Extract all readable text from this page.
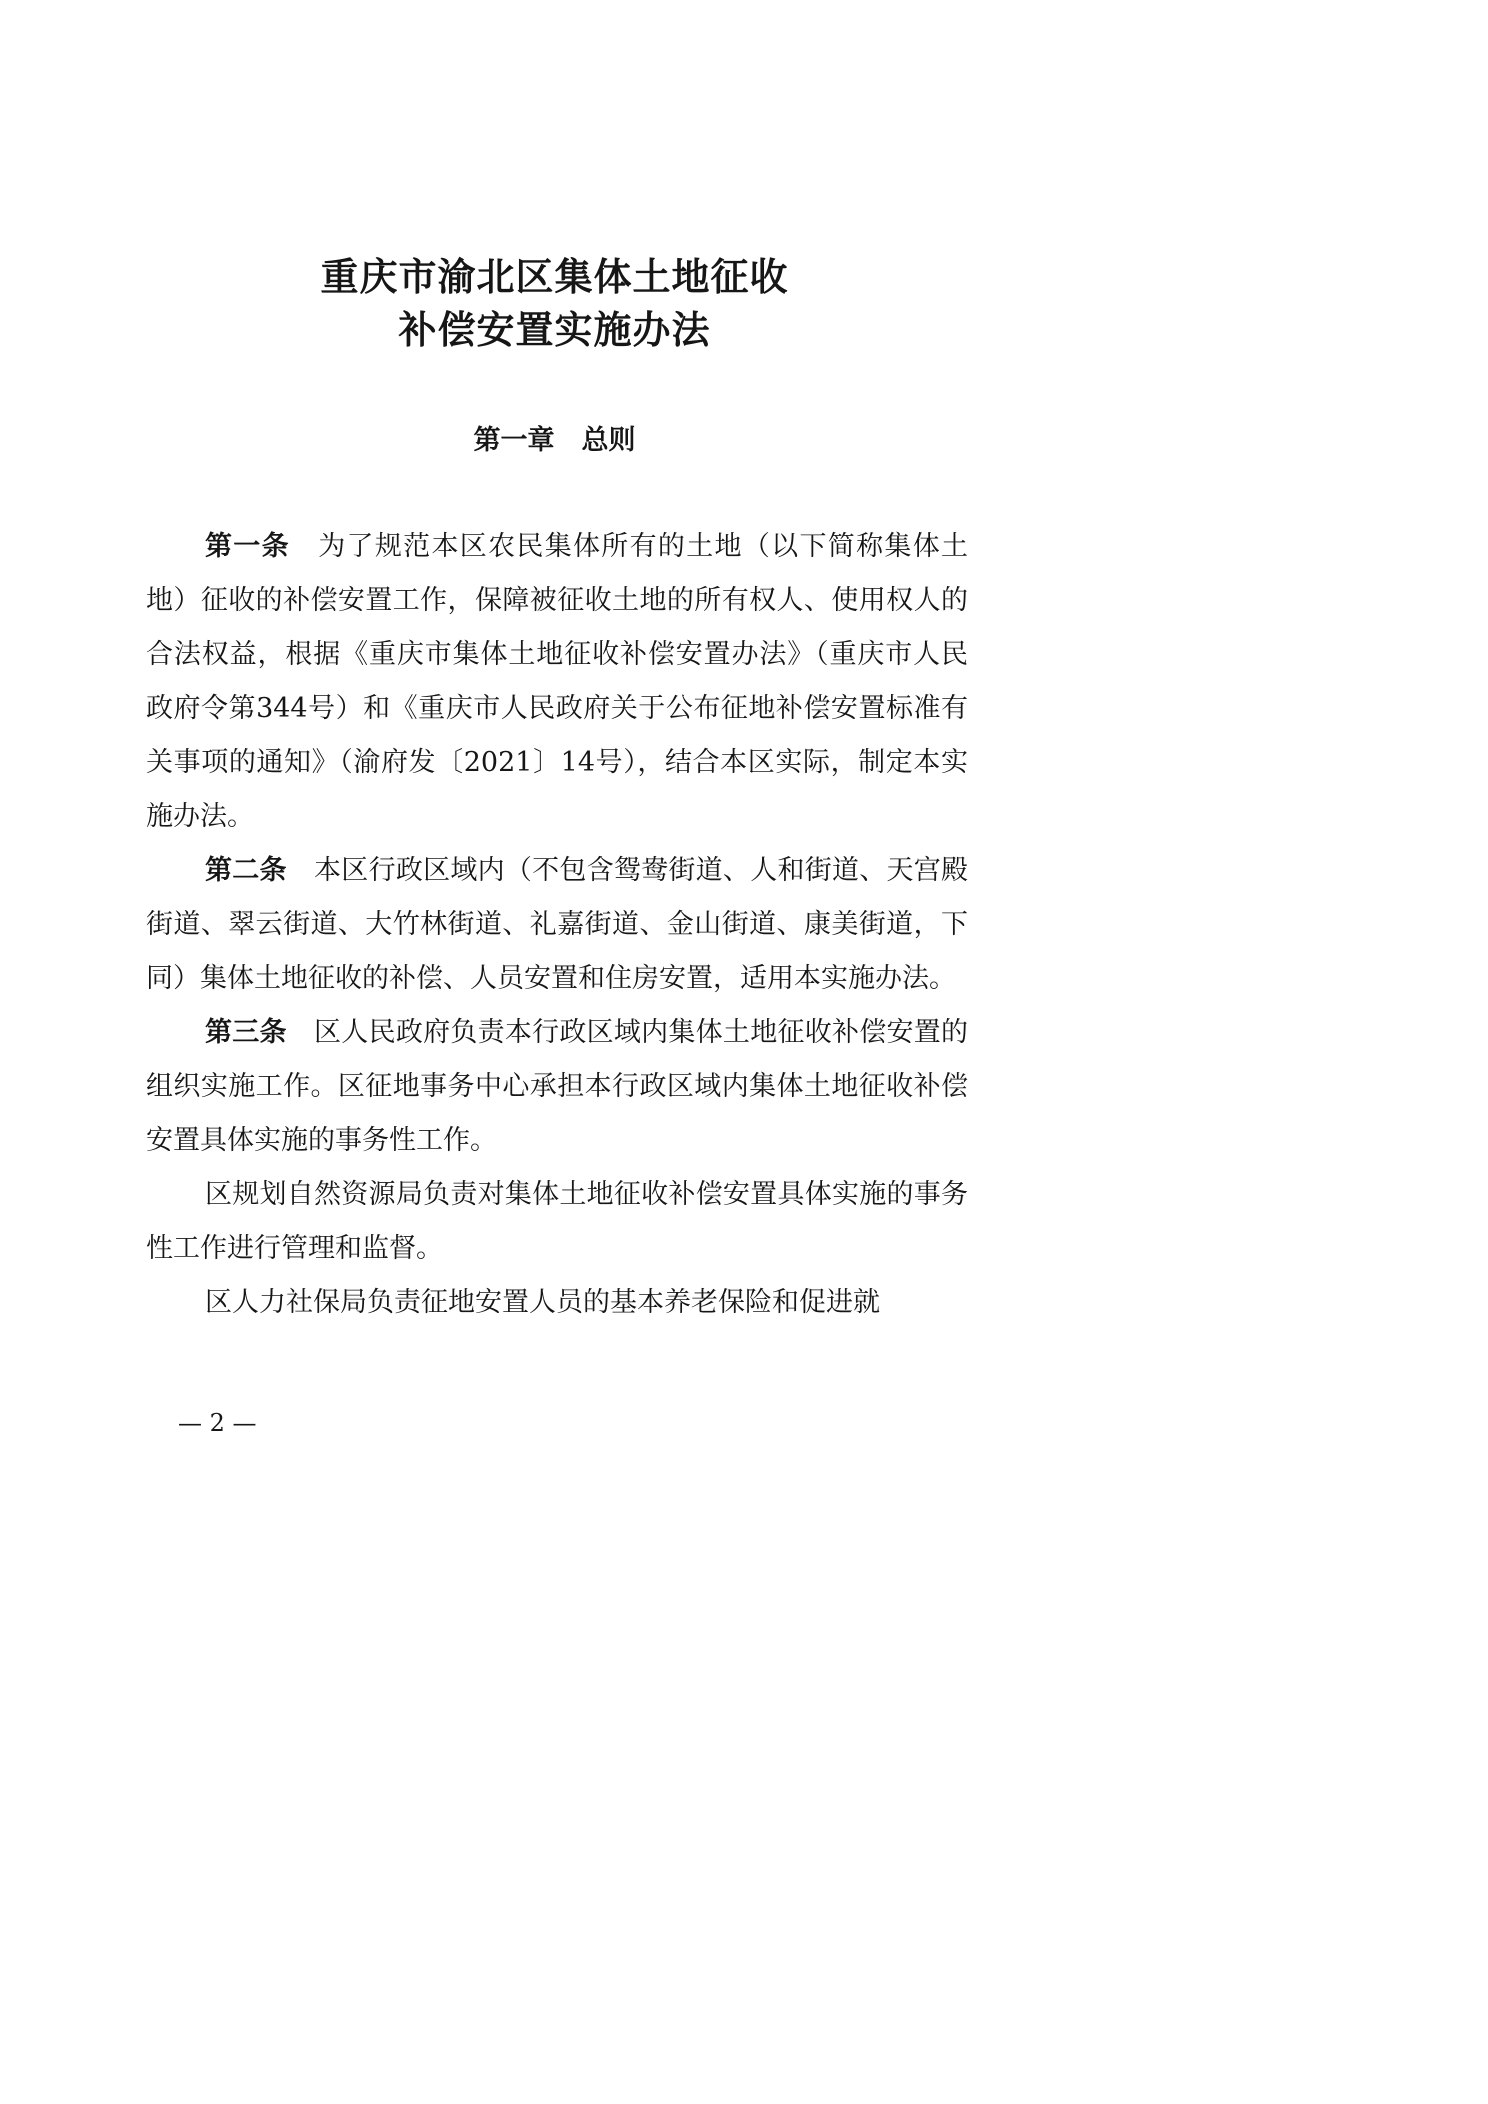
重庆市渝北区集体土地征收
补偿安置实施办法
第一章　总则

第一条　为了规范本区农民集体所有的土地（以下简称集体土地）征收的补偿安置工作，保障被征收土地的所有权人、使用权人的合法权益，根据《重庆市集体土地征收补偿安置办法》（重庆市人民政府令第344号）和《重庆市人民政府关于公布征地补偿安置标准有关事项的通知》（渝府发〔2021〕14号），结合本区实际，制定本实施办法。

第二条　本区行政区域内（不包含鸳鸯街道、人和街道、天宫殿街道、翠云街道、大竹林街道、礼嘉街道、金山街道、康美街道，下同）集体土地征收的补偿、人员安置和住房安置，适用本实施办法。

第三条　区人民政府负责本行政区域内集体土地征收补偿安置的组织实施工作。区征地事务中心承担本行政区域内集体土地征收补偿安置具体实施的事务性工作。

区规划自然资源局负责对集体土地征收补偿安置具体实施的事务性工作进行管理和监督。

区人力社保局负责征地安置人员的基本养老保险和促进就

— 2 —
